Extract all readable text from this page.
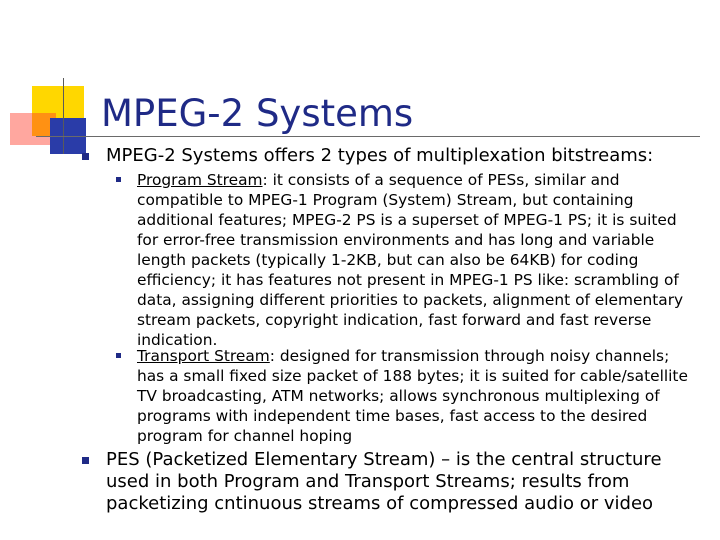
MPEG-2 Systems
MPEG-2 Systems offers 2 types of multiplexation bitstreams:
Program Stream: it consists of a sequence of PESs, similar and compatible to MPEG-1 Program (System) Stream, but containing additional features; MPEG-2 PS is a superset of MPEG-1 PS; it is suited for error-free transmission environments and has long and variable length packets (typically 1-2KB, but can also be 64KB) for coding efficiency; it has features not present in MPEG-1 PS like: scrambling of data, assigning different priorities to packets, alignment of elementary stream packets, copyright indication, fast forward and fast reverse indication.
Transport Stream: designed for transmission through noisy channels; has a small fixed size packet of 188 bytes; it is suited for cable/satellite TV broadcasting, ATM networks; allows synchronous multiplexing of programs with independent time bases, fast access to the desired program for channel hoping
PES (Packetized Elementary Stream) – is the central structure used in both Program and Transport Streams; results from packetizing cntinuous streams of compressed audio or video
